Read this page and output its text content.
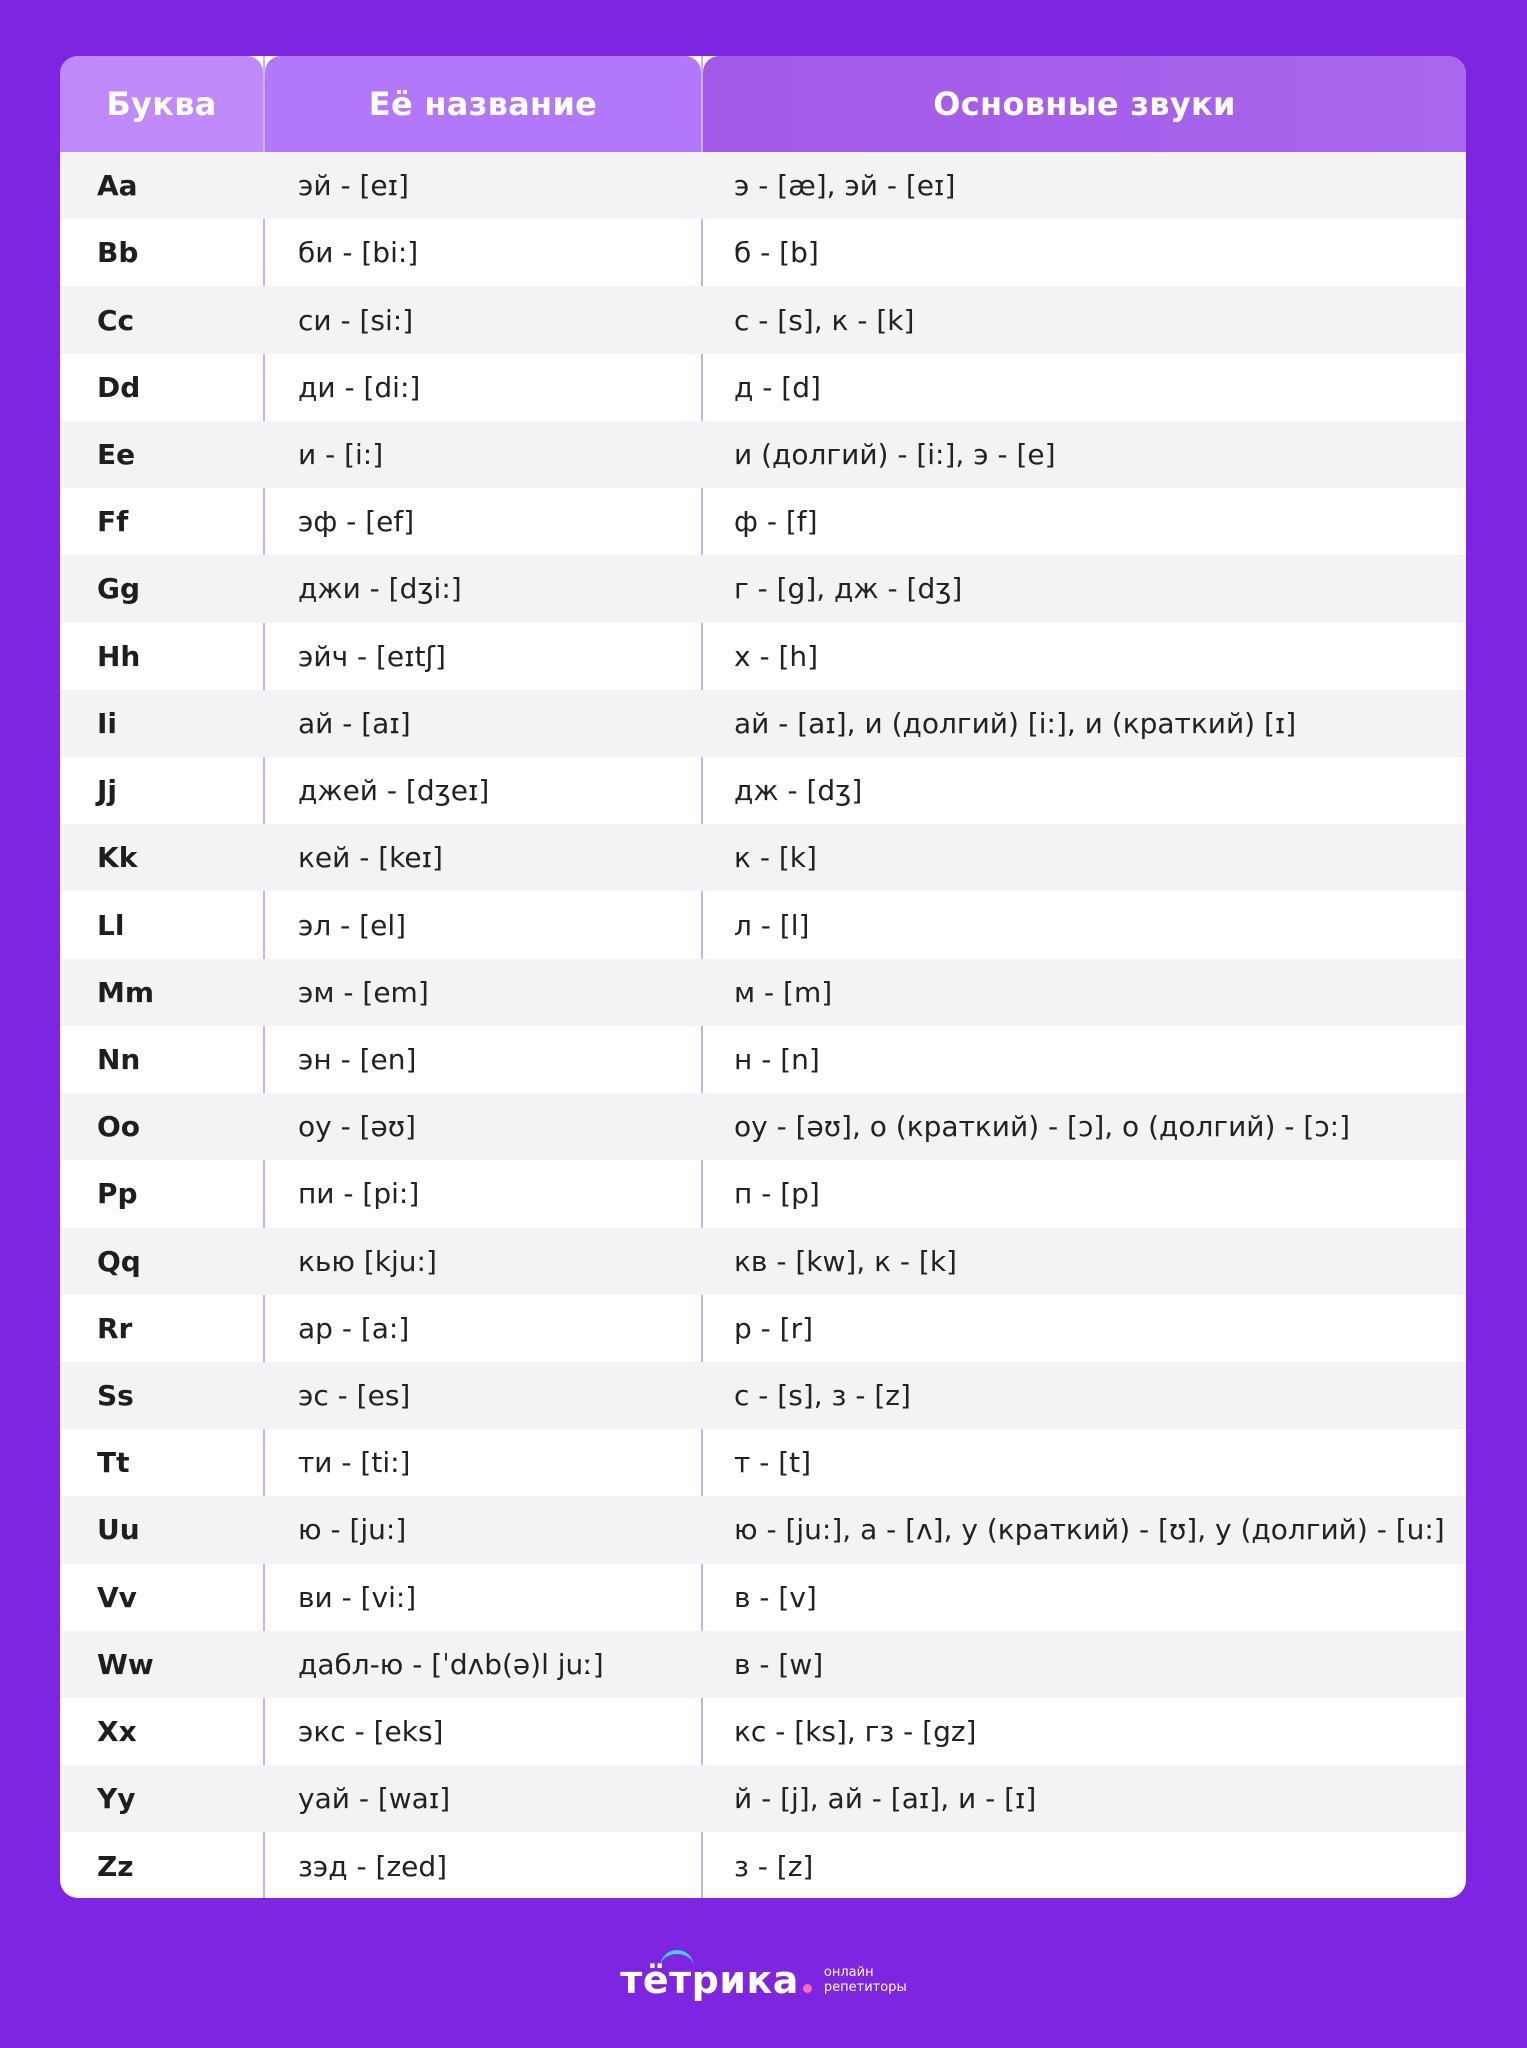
Буква	Её название	Основные звуки
Aa	эй - [eɪ]	э - [æ], эй - [eɪ]
Bb	би - [bi:]	б - [b]
Cc	си - [si:]	с - [s], к - [k]
Dd	ди - [di:]	д - [d]
Ee	и - [i:]	и (долгий) - [i:], э - [e]
Ff	эф - [ef]	ф - [f]
Gg	джи - [dʒi:]	г - [g], дж - [dʒ]
Hh	эйч - [eɪtʃ]	х - [h]
Ii	ай - [aɪ]	ай - [aɪ], и (долгий) [i:], и (краткий) [ɪ]
Jj	джей - [dʒeɪ]	дж - [dʒ]
Kk	кей - [keɪ]	к - [k]
Ll	эл - [el]	л - [l]
Mm	эм - [em]	м - [m]
Nn	эн - [en]	н - [n]
Oo	оу - [əʊ]	оу - [əʊ], о (краткий) - [ɔ], о (долгий) - [ɔ:]
Pp	пи - [pi:]	п - [p]
Qq	кью [kju:]	кв - [kw], к - [k]
Rr	ар - [a:]	р - [r]
Ss	эс - [es]	с - [s], з - [z]
Tt	ти - [ti:]	т - [t]
Uu	ю - [ju:]	ю - [ju:], а - [ʌ], у (краткий) - [ʊ], у (долгий) - [u:]
Vv	ви - [vi:]	в - [v]
Ww	дабл-ю - [ˈdʌb(ə)l juː]	в - [w]
Xx	экс - [eks]	кс - [ks], гз - [gz]
Yy	уай - [waɪ]	й - [j], ай - [aɪ], и - [ɪ]
Zz	зэд - [zed]	з - [z]
тётрика	онлайн
репетиторы
